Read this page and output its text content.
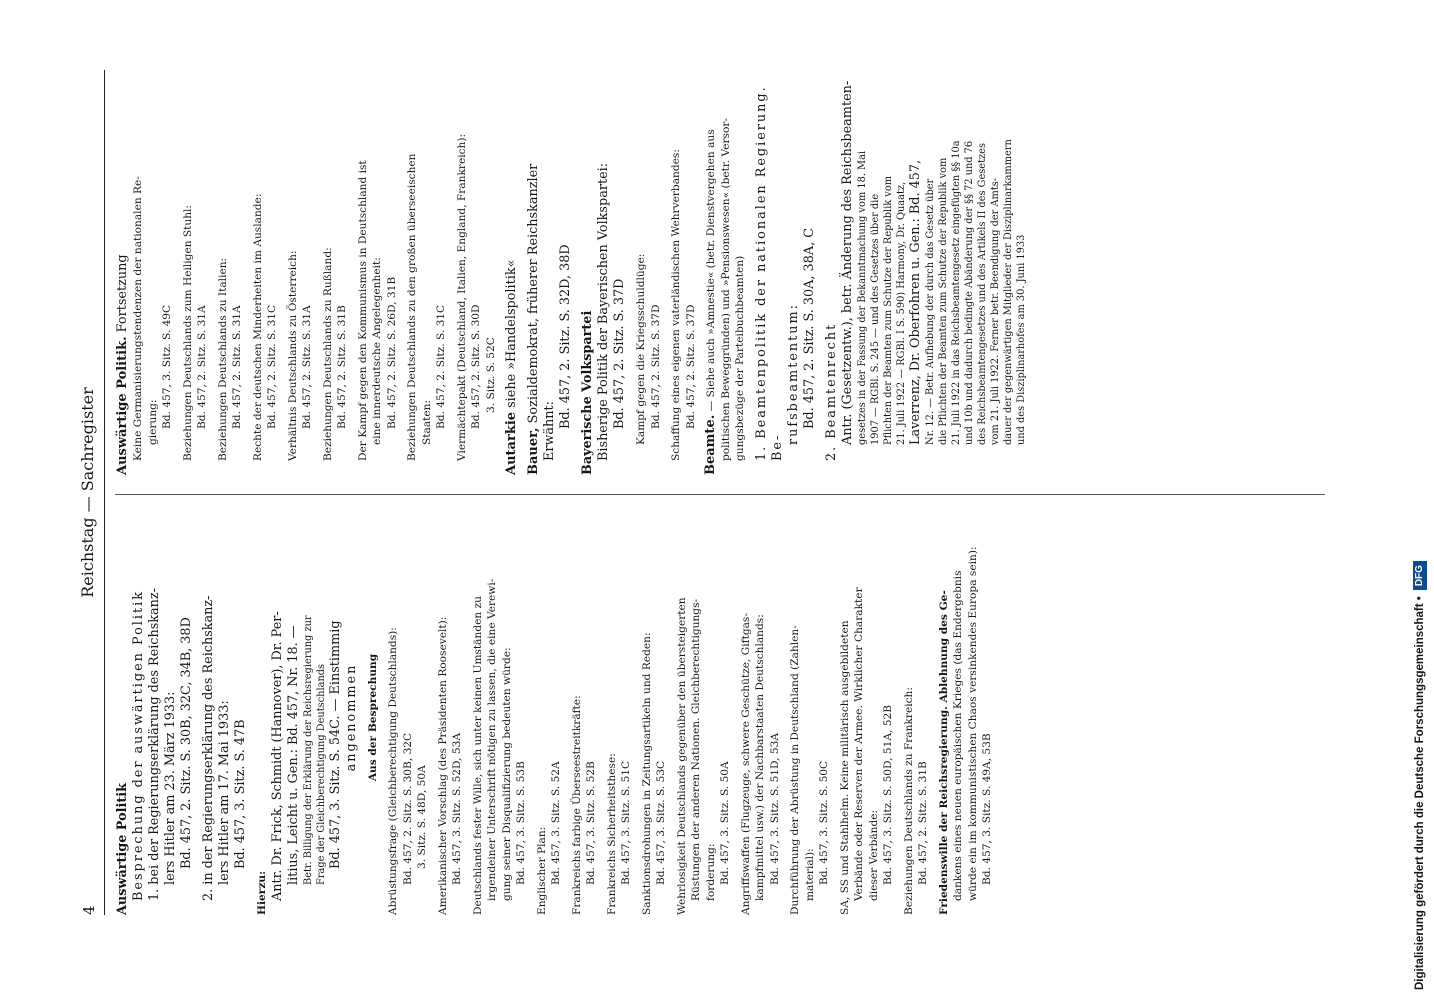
4
Reichstag — Sachregister
Auswärtige Politik Besprechung der auswärtigen Politik 1. bei der Regierungserklärung des Reichskanz- lers Hitler am 23. März 1933: Bd. 457, 2. Sitz. S. 30B, 32C, 34B, 38D 2. in der Regierungserklärung des Reichskanz- lers Hitler am 17. Mai 1933: Bd. 457, 3. Sitz. S. 47B
Hierzu: Antr. Dr. Frick, Schmidt (Hannover), Dr. Per- litius, Leicht u. Gen.: Bd. 457, Nr. 18. — Betr. Billigung der Erklärung der Reichsregierung zur Frage der Gleichberechtigung Deutschlands Bd. 457, 3. Sitz. S. 54C. — Einstimmig angenommen Aus der Besprechung Abrüstungsfrage (Gleichberechtigung Deutschlands): Bd. 457, 2. Sitz. S. 30B, 32C 3. Sitz. S. 48D, 50A Amerikanischer Vorschlag (des Präsidenten Roosevelt): Bd. 457, 3. Sitz. S. 52D, 53A Deutschlands fester Wille, sich unter keinen Umständen zu irgendeiner Unterschrift nötigen zu lassen, die eine Verewi- gung seiner Disqualifizierung bedeuten würde: Bd. 457, 3. Sitz. S. 53B Englischer Plan: Bd. 457, 3. Sitz. S. 52A Frankreichs farbige Überseestreitkräfte: Bd. 457, 3. Sitz. S. 52B Frankreichs Sicherheitsthese: Bd. 457, 3. Sitz. S. 51C Sanktionsdrohungen in Zeitungsartikeln und Reden: Bd. 457, 3. Sitz. S. 53C Wehrlosigkeit Deutschlands gegenüber den übersteigerten Rüstungen der anderen Nationen. Gleichberechtigungs- forderung: Bd. 457, 3. Sitz. S. 50A Angriffswaffen (Flugzeuge, schwere Geschütze, Giftgas- kampfmittel usw.) der Nachbarstaaten Deutschlands: Bd. 457, 3. Sitz. S. 51D, 53A Durchführung der Abrüstung in Deutschland (Zahlen- material): Bd. 457, 3. Sitz. S. 50C SA, SS und Stahlhelm. Keine militärisch ausgebildeten Verbände oder Reserven der Armee. Wirklicher Charakter dieser Verbände: Bd. 457, 3. Sitz. S. 50D, 51A, 52B Beziehungen Deutschlands zu Frankreich: Bd. 457, 2. Sitz. S. 31B Friedenswille der Reichsregierung. Ablehnung des Ge- dankens eines neuen europäischen Krieges (das Endergebnis würde ein im kommunistischen Chaos versinkendes Europa sein): Bd. 457, 3. Sitz. S. 49A, 53B
Auswärtige Politik. Fortsetzung Keine Germanisierungstendenzen der nationalen Re- gierung: Bd. 457, 3. Sitz. S. 49C Beziehungen Deutschlands zum Heiligen Stuhl: Bd. 457, 2. Sitz. S. 31A Beziehungen Deutschlands zu Italien: Bd. 457, 2. Sitz. S. 31A Rechte der deutschen Minderheiten im Auslande: Bd. 457, 2. Sitz. S. 31C Verhältnis Deutschlands zu Österreich: Bd. 457, 2. Sitz. S. 31A Beziehungen Deutschlands zu Rußland: Bd. 457, 2. Sitz. S. 31B Der Kampf gegen den Kommunismus in Deutschland ist eine innerdeutsche Angelegenheit: Bd. 457, 2. Sitz. S. 26D, 31B Beziehungen Deutschlands zu den großen überseeischen Staaten: Bd. 457, 2. Sitz. S. 31C Viermächtepakt (Deutschland, Italien, England, Frankreich): Bd. 457, 2. Sitz. S. 30D 3. Sitz. S. 52C
Autarkie siehe »Handelspolitik«
Bauer, Sozialdemokrat, früherer Reichskanzler
Erwähnt:
Bd. 457, 2. Sitz. S. 32D, 38D Bayerische Volkspartei Bisherige Politik der Bayerischen Volkspartei: Bd. 457, 2. Sitz. S. 37D Kampf gegen die Kriegsschuldlüge: Bd. 457, 2. Sitz. S. 37D Schaffung eines eigenen vaterländischen Wehrverbandes: Bd. 457, 2. Sitz. S. 37D
Beamte. — Siehe auch »Amnestie« (betr. Dienstvergehen aus politischen Beweggründen) und »Pensionswesen« (betr. Versor- gungsbezüge der Parteibuchbeamten) 1. Beamtenpolitik der nationalen Regierung. Be-
rufsbeamtentum: Bd. 457, 2. Sitz. S. 30A, 38A, C 2. Beamtenrecht Antr. (Gesetzentw.), betr. Änderung des Reichsbeamten- gesetzes in der Fassung der Bekanntmachung vom 18. Mai 1907 — RGBl. S. 245 — und des Gesetzes über die Pflichten der Beamten zum Schutze der Republik vom 21. Juli 1922 — RGBl. I S. 590) Harmony, Dr. Quaatz, Laverrenz, Dr. Oberfohren u. Gen.: Bd. 457, Nr. 12. — Betr. Aufhebung der durch das Gesetz über die Pflichten der Beamten zum Schutze der Republik vom 21. Juli 1922 in das Reichsbeamtengesetz eingefügten §§ 10a und 10b und dadurch bedingte Abänderung der §§ 72 und 76 des Reichsbeamtengesetzes und des Artikels II des Gesetzes vom 21. Juli 1922. Ferner betr. Beendigung der Amts- dauer der gegenwärtigen Mitglieder der Disziplinarkammern und des Disziplinarhofes am 30. Juni 1933
Digitalisierung gefördert durch die Deutsche Forschungsgemeinschaft •
DFG
